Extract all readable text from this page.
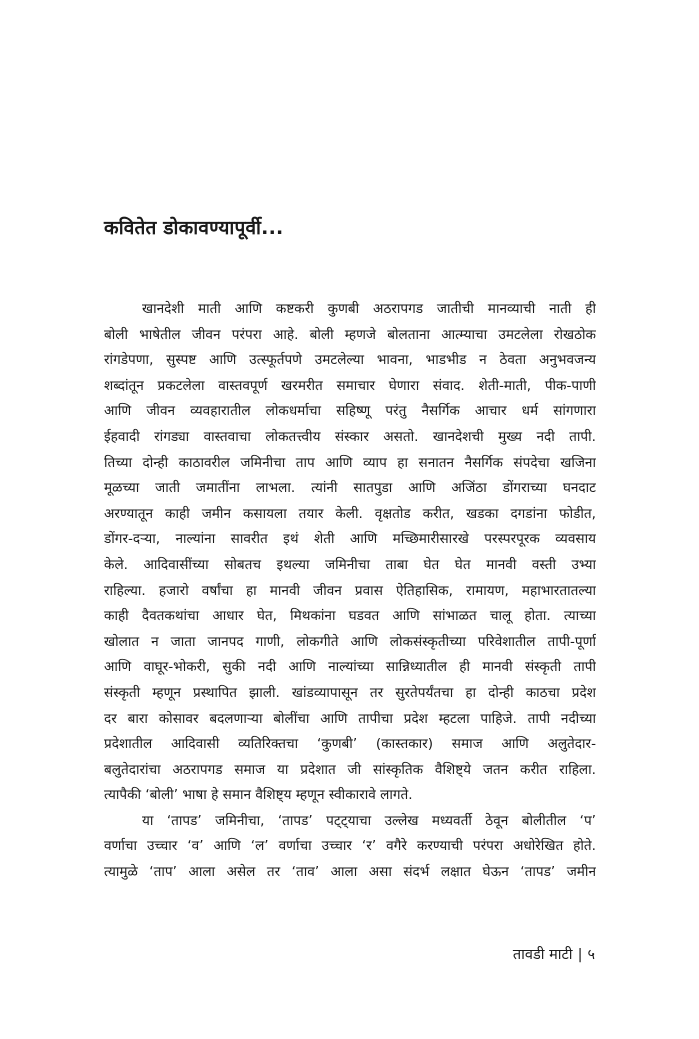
कवितेत डोकावण्यापूर्वी...
खानदेशी माती आणि कष्टकरी कुणबी अठरापगड जातीची मानव्याची नाती ही
बोली भाषेतील जीवन परंपरा आहे. बोली म्हणजे बोलताना आत्म्याचा उमटलेला रोखठोक
रांगडेपणा, सुस्पष्ट आणि उत्स्फूर्तपणे उमटलेल्या भावना, भाडभीड न ठेवता अनुभवजन्य
शब्दांतून प्रकटलेला वास्तवपूर्ण खरमरीत समाचार घेणारा संवाद. शेती-माती, पीक-पाणी
आणि जीवन व्यवहारातील लोकधर्माचा सहिष्णू परंतु नैसर्गिक आचार धर्म सांगणारा
ईहवादी रांगड्या वास्तवाचा लोकतत्त्वीय संस्कार असतो. खानदेशची मुख्य नदी तापी.
तिच्या दोन्ही काठावरील जमिनीचा ताप आणि व्याप हा सनातन नैसर्गिक संपदेचा खजिना
मूळच्या जाती जमातींना लाभला. त्यांनी सातपुडा आणि अजिंठा डोंगराच्या घनदाट
अरण्यातून काही जमीन कसायला तयार केली. वृक्षतोड करीत, खडका दगडांना फोडीत,
डोंगर-दऱ्या, नाल्यांना सावरीत इथं शेती आणि मच्छिमारीसारखे परस्परपूरक व्यवसाय
केले. आदिवासींच्या सोबतच इथल्या जमिनीचा ताबा घेत घेत मानवी वस्ती उभ्या
राहिल्या. हजारो वर्षांचा हा मानवी जीवन प्रवास ऐतिहासिक, रामायण, महाभारतातल्या
काही दैवतकथांचा आधार घेत, मिथकांना घडवत आणि सांभाळत चालू होता. त्याच्या
खोलात न जाता जानपद गाणी, लोकगीते आणि लोकसंस्कृतीच्या परिवेशातील तापी-पूर्णा
आणि वाघूर-भोकरी, सुकी नदी आणि नाल्यांच्या सान्निध्यातील ही मानवी संस्कृती तापी
संस्कृती म्हणून प्रस्थापित झाली. खांडव्यापासून तर सुरतेपर्यंतचा हा दोन्ही काठचा प्रदेश
दर बारा कोसावर बदलणाऱ्या बोलींचा आणि तापीचा प्रदेश म्हटला पाहिजे. तापी नदीच्या
प्रदेशातील आदिवासी व्यतिरिक्तचा ‘कुणबी’ (कास्तकार) समाज आणि अलुतेदार-
बलुतेदारांचा अठरापगड समाज या प्रदेशात जी सांस्कृतिक वैशिष्ट्ये जतन करीत राहिला.
त्यापैकी ‘बोली’ भाषा हे समान वैशिष्ट्य म्हणून स्वीकारावे लागते.
या ‘तापड’ जमिनीचा, ‘तापड’ पट्ट्याचा उल्लेख मध्यवर्ती ठेवून बोलीतील ‘प’
वर्णाचा उच्चार ‘व’ आणि ‘ल’ वर्णाचा उच्चार ‘र’ वगैरे करण्याची परंपरा अधोरेखित होते.
त्यामुळे ‘ताप’ आला असेल तर ‘ताव’ आला असा संदर्भ लक्षात घेऊन ‘तापड’ जमीन
तावडी माटी | ५
